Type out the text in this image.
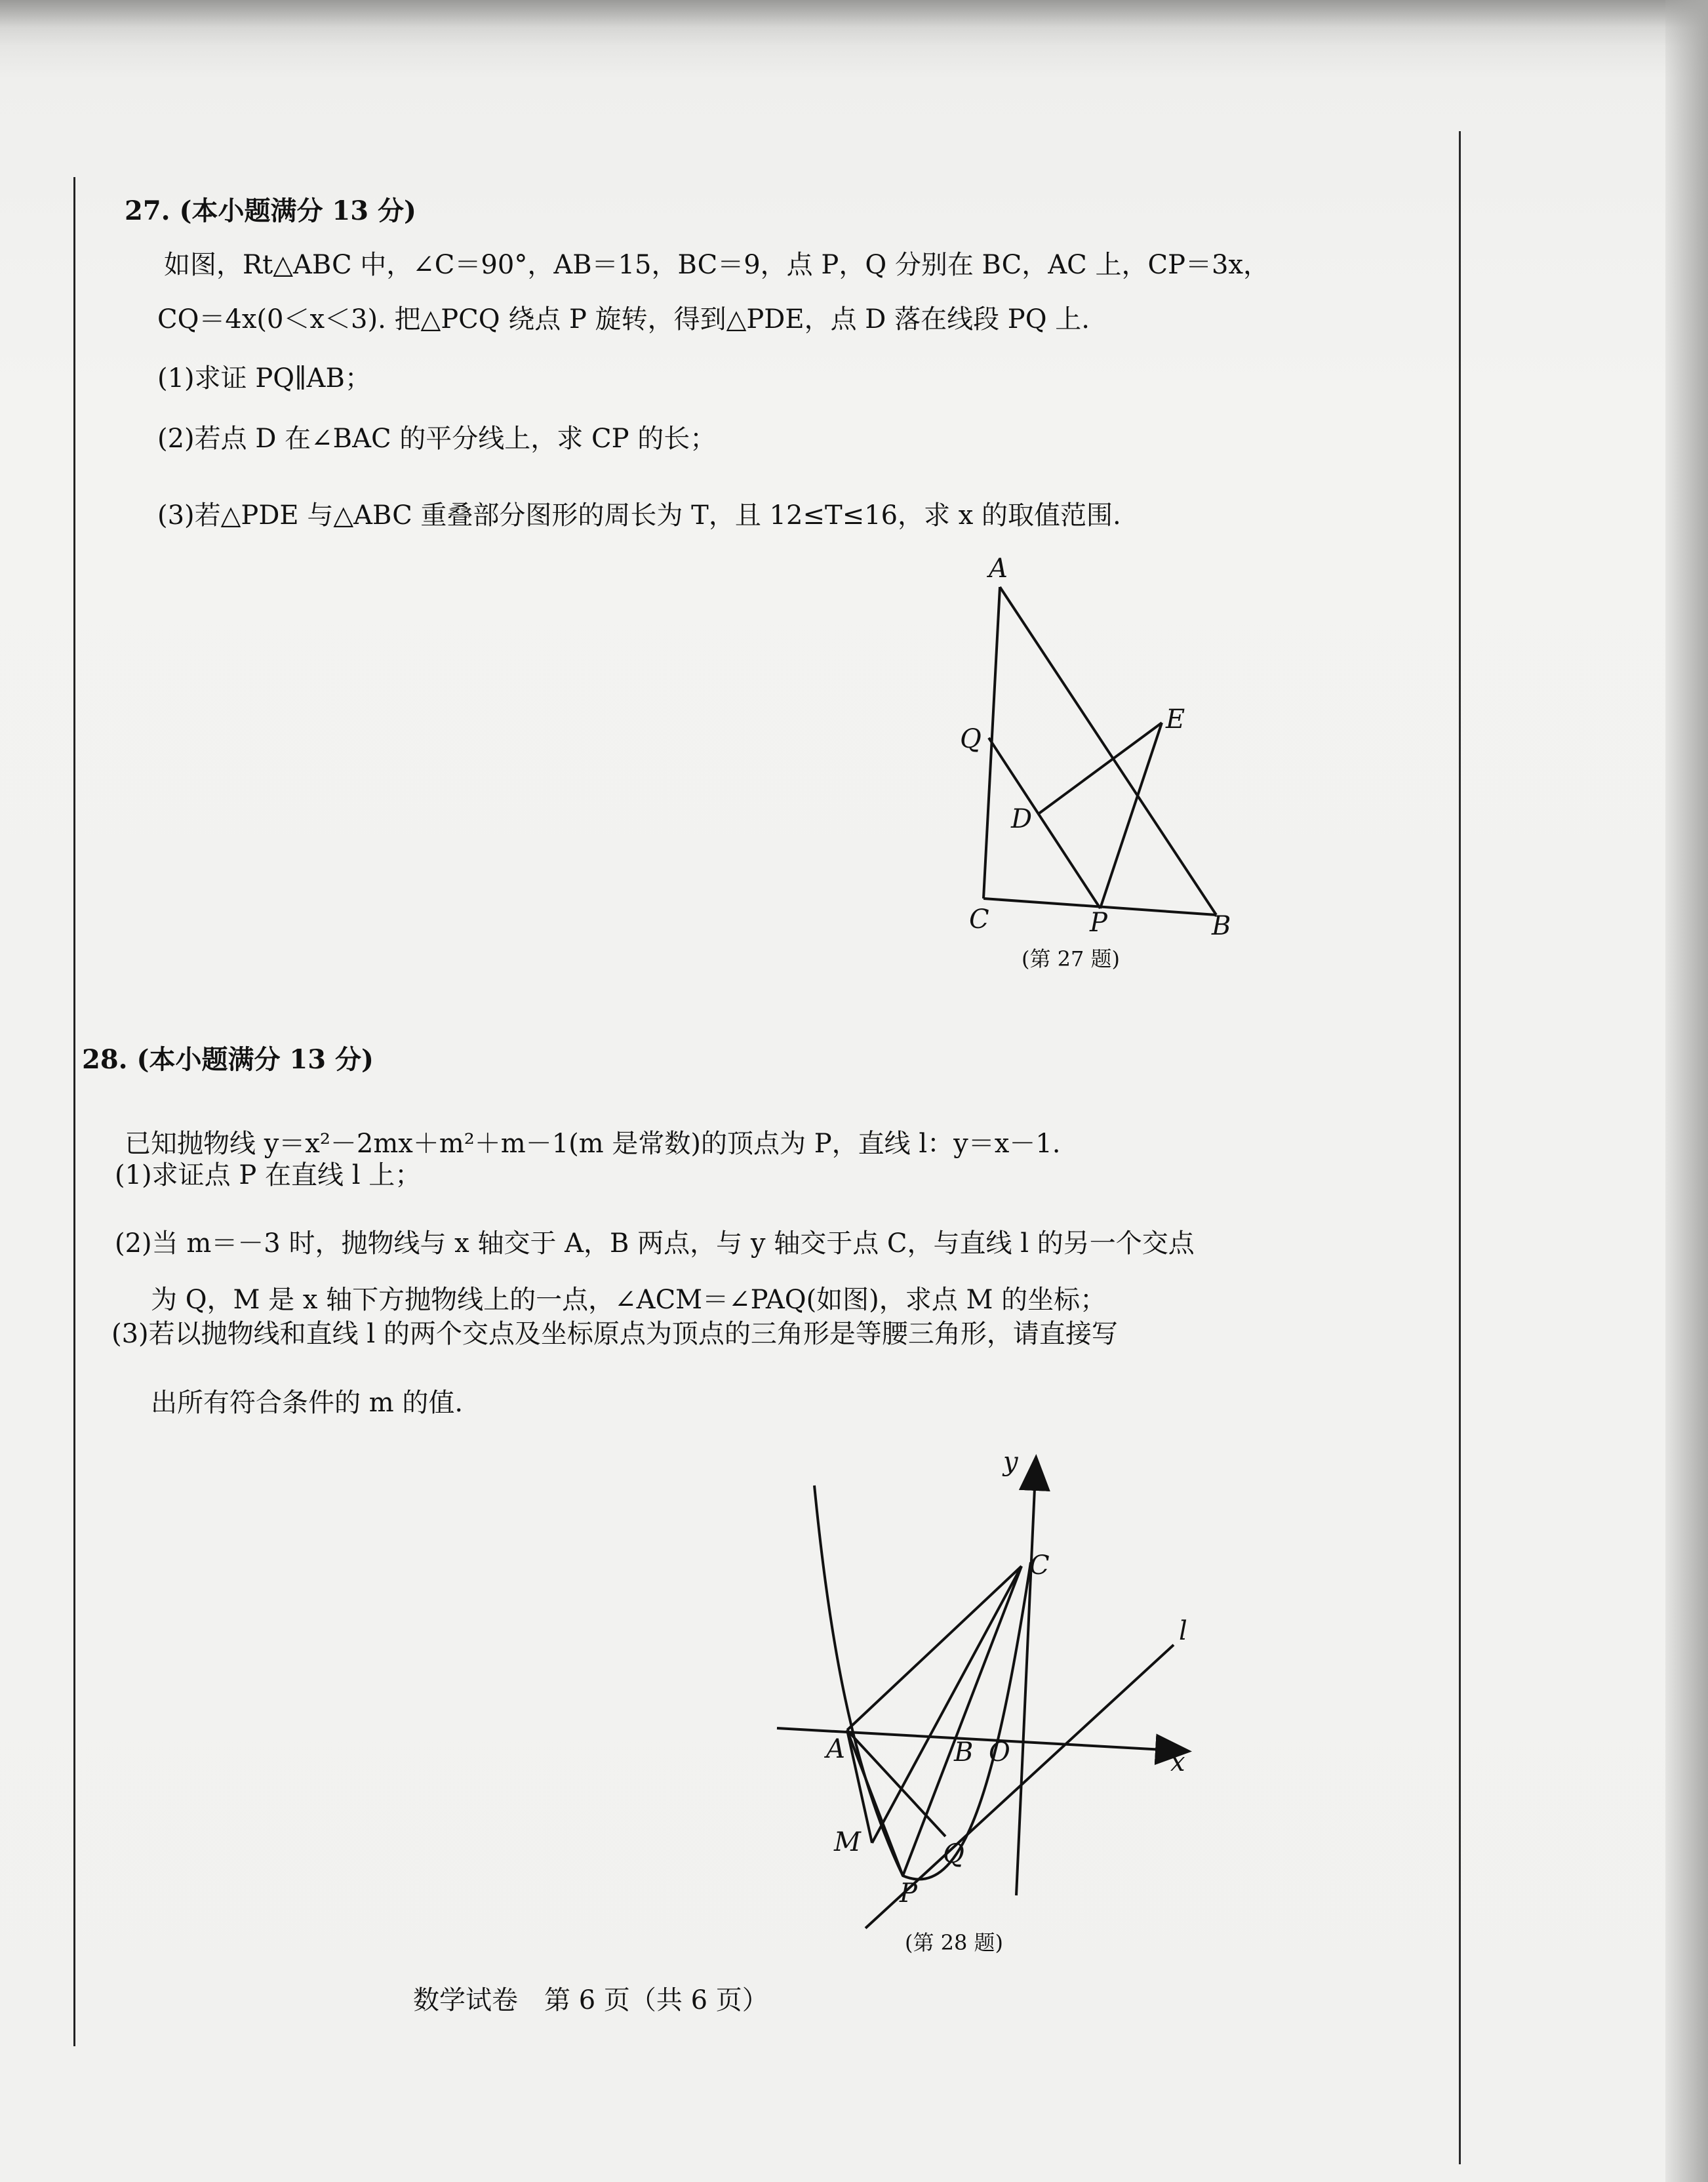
27. (本小题满分 13 分)
如图，Rt△ABC 中，∠C＝90°，AB＝15，BC＝9，点 P，Q 分别在 BC，AC 上，CP＝3x，
CQ＝4x(0＜x＜3). 把△PCQ 绕点 P 旋转，得到△PDE，点 D 落在线段 PQ 上.
(1)求证 PQ∥AB；
(2)若点 D 在∠BAC 的平分线上，求 CP 的长；
(3)若△PDE 与△ABC 重叠部分图形的周长为 T，且 12≤T≤16，求 x 的取值范围.
A
Q
E
D
C	P	B
(第 27 题)
28. (本小题满分 13 分)
已知抛物线 y＝x²－2mx＋m²＋m－1(m 是常数)的顶点为 P，直线 l：y＝x－1.
(1)求证点 P 在直线 l 上；
(2)当 m＝－3 时，抛物线与 x 轴交于 A，B 两点，与 y 轴交于点 C，与直线 l 的另一个交点
为 Q，M 是 x 轴下方抛物线上的一点，∠ACM＝∠PAQ(如图)，求点 M 的坐标；
(3)若以抛物线和直线 l 的两个交点及坐标原点为顶点的三角形是等腰三角形，请直接写
出所有符合条件的 m 的值.
y
C
l
A	B O	x
M	Q
P
(第 28 题)
数学试卷　第 6 页（共 6 页）
